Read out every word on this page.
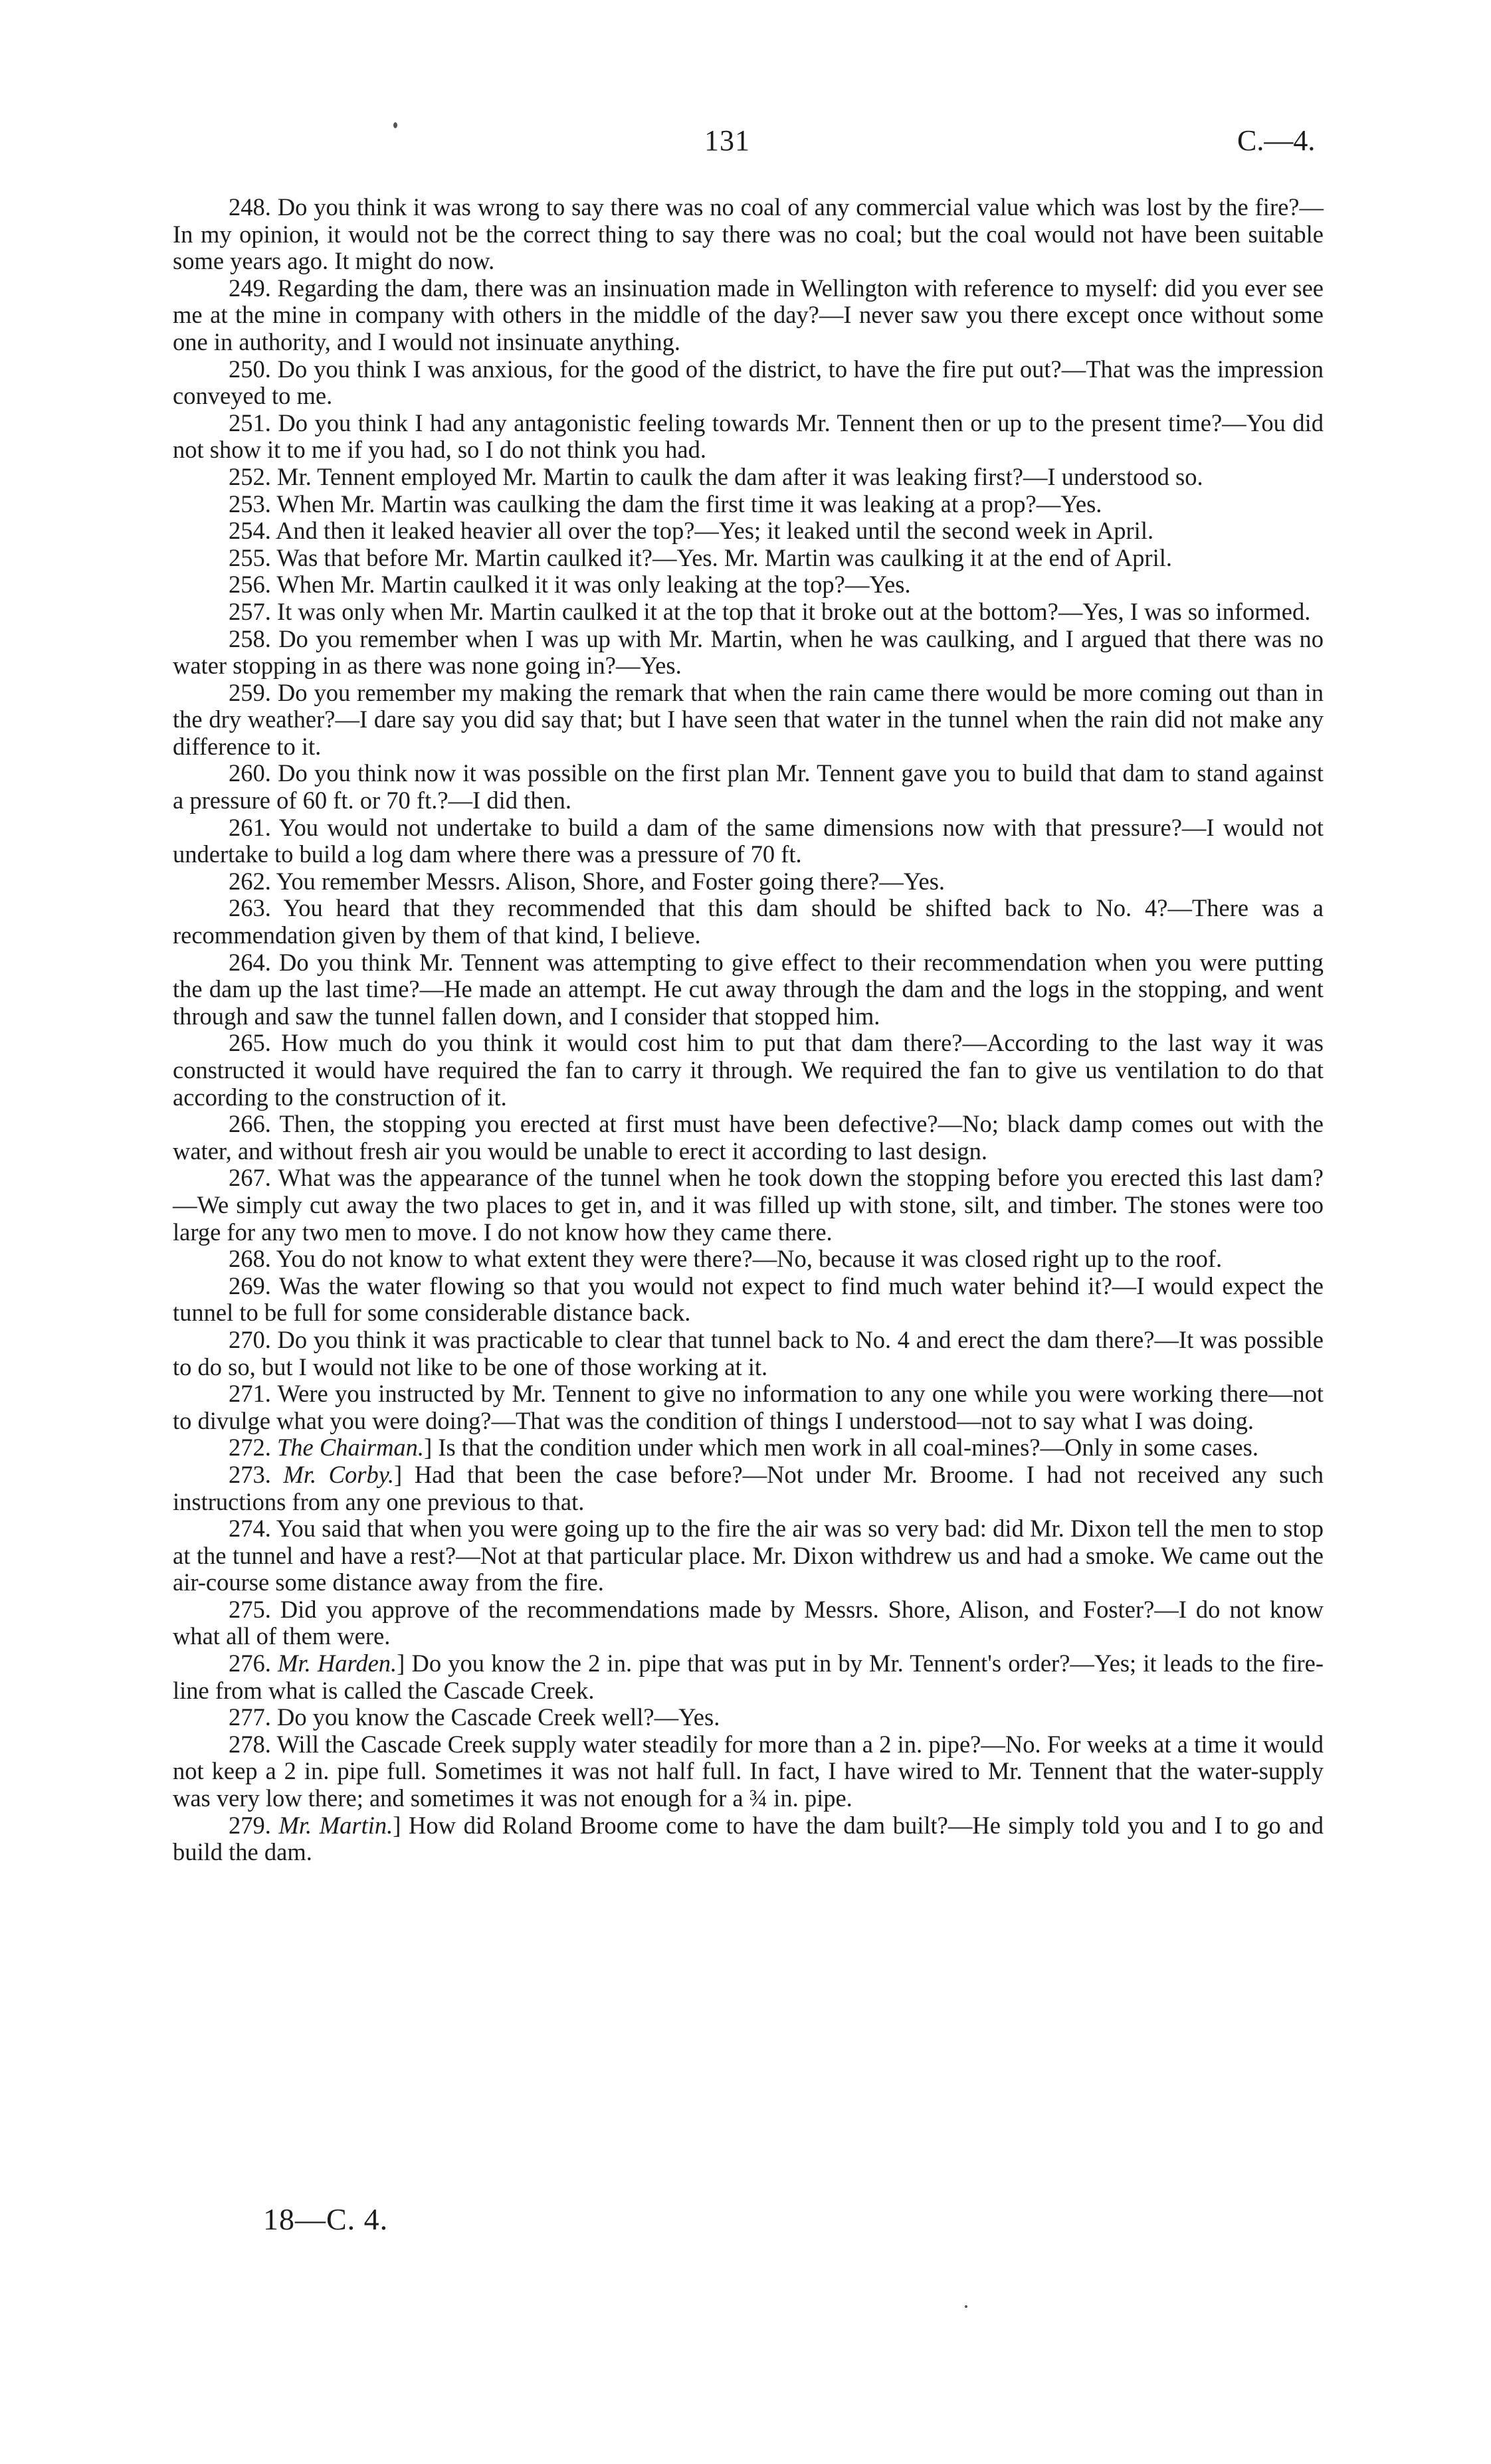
131	C.—4.

248. Do you think it was wrong to say there was no coal of any commercial value which was lost by the fire?—In my opinion, it would not be the correct thing to say there was no coal; but the coal would not have been suitable some years ago. It might do now.

249. Regarding the dam, there was an insinuation made in Wellington with reference to myself: did you ever see me at the mine in company with others in the middle of the day?—I never saw you there except once without some one in authority, and I would not insinuate anything.

250. Do you think I was anxious, for the good of the district, to have the fire put out?—That was the impression conveyed to me.

251. Do you think I had any antagonistic feeling towards Mr. Tennent then or up to the present time?—You did not show it to me if you had, so I do not think you had.

252. Mr. Tennent employed Mr. Martin to caulk the dam after it was leaking first?—I understood so.

253. When Mr. Martin was caulking the dam the first time it was leaking at a prop?—Yes.

254. And then it leaked heavier all over the top?—Yes; it leaked until the second week in April.

255. Was that before Mr. Martin caulked it?—Yes. Mr. Martin was caulking it at the end of April.

256. When Mr. Martin caulked it it was only leaking at the top?—Yes.

257. It was only when Mr. Martin caulked it at the top that it broke out at the bottom?—Yes, I was so informed.

258. Do you remember when I was up with Mr. Martin, when he was caulking, and I argued that there was no water stopping in as there was none going in?—Yes.

259. Do you remember my making the remark that when the rain came there would be more coming out than in the dry weather?—I dare say you did say that; but I have seen that water in the tunnel when the rain did not make any difference to it.

260. Do you think now it was possible on the first plan Mr. Tennent gave you to build that dam to stand against a pressure of 60 ft. or 70 ft.?—I did then.

261. You would not undertake to build a dam of the same dimensions now with that pressure?—I would not undertake to build a log dam where there was a pressure of 70 ft.

262. You remember Messrs. Alison, Shore, and Foster going there?—Yes.

263. You heard that they recommended that this dam should be shifted back to No. 4?—There was a recommendation given by them of that kind, I believe.

264. Do you think Mr. Tennent was attempting to give effect to their recommendation when you were putting the dam up the last time?—He made an attempt. He cut away through the dam and the logs in the stopping, and went through and saw the tunnel fallen down, and I consider that stopped him.

265. How much do you think it would cost him to put that dam there?—According to the last way it was constructed it would have required the fan to carry it through. We required the fan to give us ventilation to do that according to the construction of it.

266. Then, the stopping you erected at first must have been defective?—No; black damp comes out with the water, and without fresh air you would be unable to erect it according to last design.

267. What was the appearance of the tunnel when he took down the stopping before you erected this last dam?—We simply cut away the two places to get in, and it was filled up with stone, silt, and timber. The stones were too large for any two men to move. I do not know how they came there.

268. You do not know to what extent they were there?—No, because it was closed right up to the roof.

269. Was the water flowing so that you would not expect to find much water behind it?—I would expect the tunnel to be full for some considerable distance back.

270. Do you think it was practicable to clear that tunnel back to No. 4 and erect the dam there?—It was possible to do so, but I would not like to be one of those working at it.

271. Were you instructed by Mr. Tennent to give no information to any one while you were working there—not to divulge what you were doing?—That was the condition of things I understood—not to say what I was doing.

272. The Chairman.] Is that the condition under which men work in all coal-mines?—Only in some cases.

273. Mr. Corby.] Had that been the case before?—Not under Mr. Broome. I had not received any such instructions from any one previous to that.

274. You said that when you were going up to the fire the air was so very bad: did Mr. Dixon tell the men to stop at the tunnel and have a rest?—Not at that particular place. Mr. Dixon withdrew us and had a smoke. We came out the air-course some distance away from the fire.

275. Did you approve of the recommendations made by Messrs. Shore, Alison, and Foster?—I do not know what all of them were.

276. Mr. Harden.] Do you know the 2 in. pipe that was put in by Mr. Tennent's order?—Yes; it leads to the fire-line from what is called the Cascade Creek.

277. Do you know the Cascade Creek well?—Yes.

278. Will the Cascade Creek supply water steadily for more than a 2 in. pipe?—No. For weeks at a time it would not keep a 2 in. pipe full. Sometimes it was not half full. In fact, I have wired to Mr. Tennent that the water-supply was very low there; and sometimes it was not enough for a ¾ in. pipe.

279. Mr. Martin.] How did Roland Broome come to have the dam built?—He simply told you and I to go and build the dam.

18—C. 4.
